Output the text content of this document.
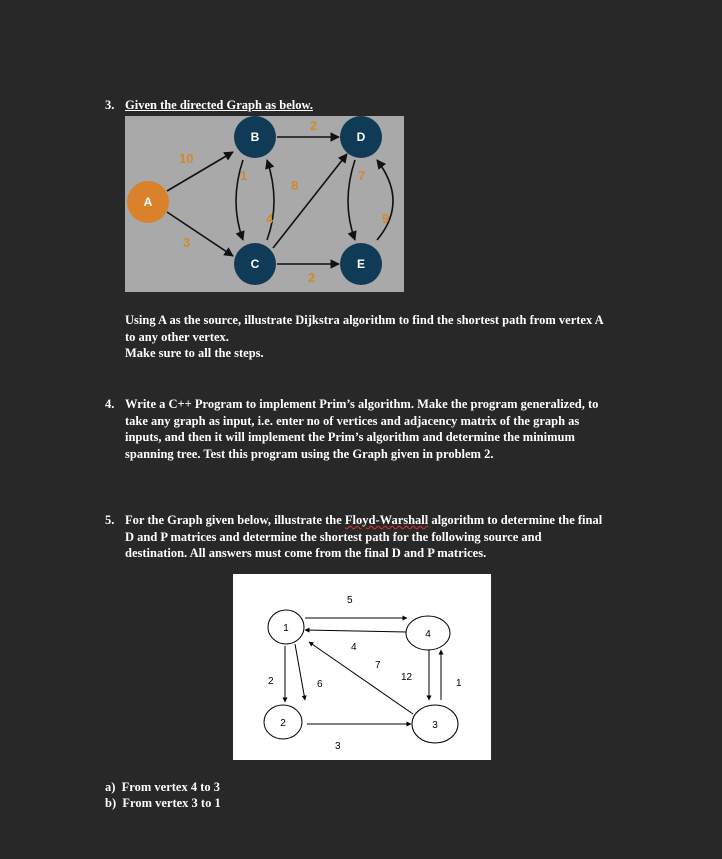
3. Given the directed Graph as below.
10
3
2
1
4
8
2
7
9
A
B
C
D
E
Using A as the source, illustrate Dijkstra algorithm to find the shortest path from vertex A
to any other vertex.
Make sure to all the steps.
4. Write a C++ Program to implement Prim’s algorithm. Make the program generalized, to
take any graph as input, i.e. enter no of vertices and adjacency matrix of the graph as
inputs, and then it will implement the Prim’s algorithm and determine the minimum
spanning tree. Test this program using the Graph given in problem 2.
5. For the Graph given below, illustrate the Floyd-Warshall algorithm to determine the final
D and P matrices and determine the shortest path for the following source and
destination. All answers must come from the final D and P matrices.
5
4
2	6
7
3
12
1
1
2	3
4
a)  From vertex 4 to 3
b)  From vertex 3 to 1
